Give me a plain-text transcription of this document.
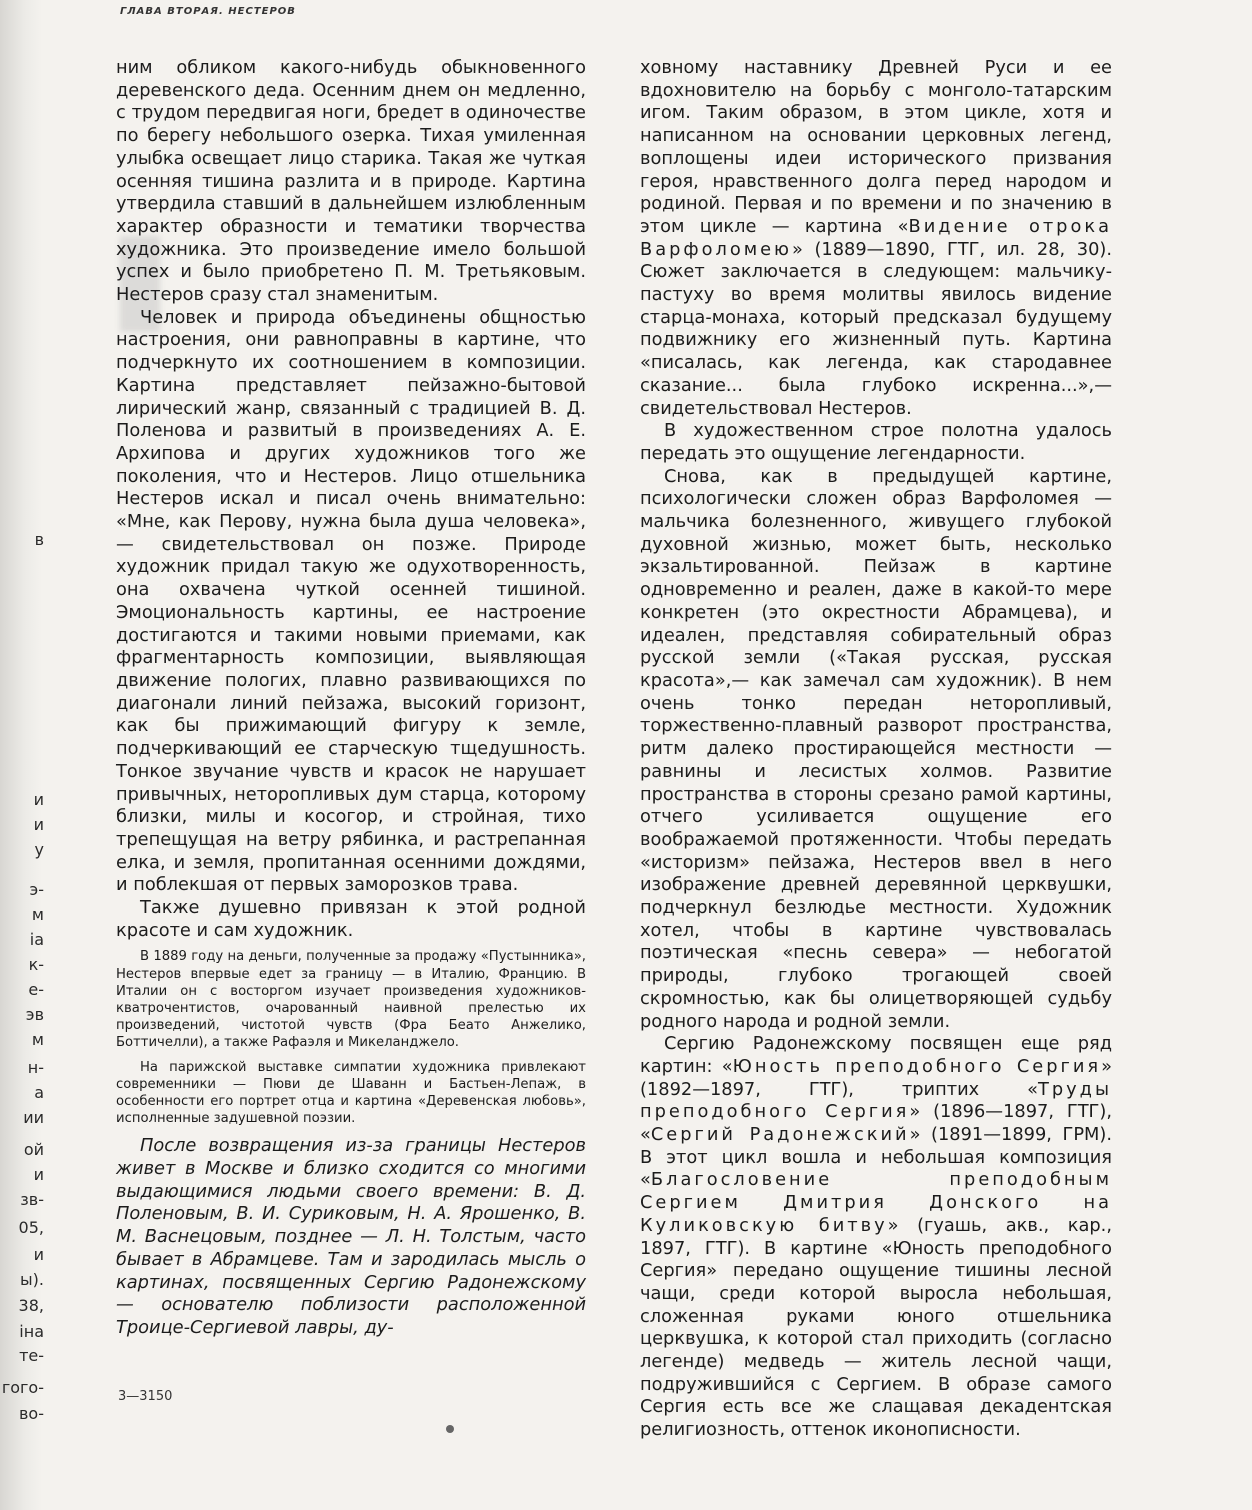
в
и
и
у
э-
м
іа
к-
е-
эв
м
н-
а
ии
ой
и
зв-
05,
и
ы).
38,
іна
те-
гого-
во-
ГЛАВА ВТОРАЯ. НЕСТЕРОВ

ним обликом какого-нибудь обыкновенного деревенского деда. Осенним днем он медленно, с трудом передвигая ноги, бредет в одиночестве по берегу небольшого озерка. Тихая умиленная улыбка освещает лицо старика. Такая же чуткая осенняя тишина разлита и в природе. Картина утвердила ставший в дальнейшем излюбленным характер образности и тематики творчества художника. Это произведение имело большой успех и было приобретено П. М. Третьяковым. Нестеров сразу стал знаменитым.

Человек и природа объединены общностью настроения, они равноправны в картине, что подчеркнуто их соотношением в композиции. Картина представляет пейзажно-бытовой лирический жанр, связанный с традицией В. Д. Поленова и развитый в произведениях А. Е. Архипова и других художников того же поколения, что и Нестеров. Лицо отшельника Нестеров искал и писал очень внимательно: «Мне, как Перову, нужна была душа человека»,— свидетельствовал он позже. Природе художник придал такую же одухотворенность, она охвачена чуткой осенней тишиной. Эмоциональность картины, ее настроение достигаются и такими новыми приемами, как фрагментарность композиции, выявляющая движение пологих, плавно развивающихся по диагонали линий пейзажа, высокий горизонт, как бы прижимающий фигуру к земле, подчеркивающий ее старческую тщедушность. Тонкое звучание чувств и красок не нарушает привычных, неторопливых дум старца, которому близки, милы и косогор, и стройная, тихо трепещущая на ветру рябинка, и растрепанная елка, и земля, пропитанная осенними дождями, и поблекшая от первых заморозков трава.

Также душевно привязан к этой родной красоте и сам художник.

В 1889 году на деньги, полученные за продажу «Пустынника», Нестеров впервые едет за границу — в Италию, Францию. В Италии он с восторгом изучает произведения художников-кватрочентистов, очарованный наивной прелестью их произведений, чистотой чувств (Фра Беато Анжелико, Боттичелли), а также Рафаэля и Микеланджело.

На парижской выставке симпатии художника привлекают современники — Пюви де Шаванн и Бастьен-Лепаж, в особенности его портрет отца и картина «Деревенская любовь», исполненные задушевной поэзии.

После возвращения из-за границы Нестеров живет в Москве и близко сходится со многими выдающимися людьми своего времени: В. Д. Поленовым, В. И. Суриковым, Н. А. Ярошенко, В. М. Васнецовым, позднее — Л. Н. Толстым, часто бывает в Абрамцеве. Там и зародилась мысль о картинах, посвященных Сергию Радонежскому — основателю поблизости расположенной Троице-Сергиевой лавры, ду-

ховному наставнику Древней Руси и ее вдохновителю на борьбу с монголо-татарским игом. Таким образом, в этом цикле, хотя и написанном на основании церковных легенд, воплощены идеи исторического призвания героя, нравственного долга перед народом и родиной. Первая и по времени и по значению в этом цикле — картина «Видение отрока Варфоломею» (1889—1890, ГТГ, ил. 28, 30). Сюжет заключается в следующем: мальчику-пастуху во время молитвы явилось видение старца-монаха, который предсказал будущему подвижнику его жизненный путь. Картина «писалась, как легенда, как стародавнее сказание... была глубоко искренна...»,— свидетельствовал Нестеров.

В художественном строе полотна удалось передать это ощущение легендарности.

Снова, как в предыдущей картине, психологически сложен образ Варфоломея — мальчика болезненного, живущего глубокой духовной жизнью, может быть, несколько экзальтированной. Пейзаж в картине одновременно и реален, даже в какой-то мере конкретен (это окрестности Абрамцева), и идеален, представляя собирательный образ русской земли («Такая русская, русская красота»,— как замечал сам художник). В нем очень тонко передан неторопливый, торжественно-плавный разворот пространства, ритм далеко простирающейся местности — равнины и лесистых холмов. Развитие пространства в стороны срезано рамой картины, отчего усиливается ощущение его воображаемой протяженности. Чтобы передать «историзм» пейзажа, Нестеров ввел в него изображение древней деревянной церквушки, подчеркнул безлюдье местности. Художник хотел, чтобы в картине чувствовалась поэтическая «песнь севера» — небогатой природы, глубоко трогающей своей скромностью, как бы олицетворяющей судьбу родного народа и родной земли.

Сергию Радонежскому посвящен еще ряд картин: «Юность преподобного Сергия» (1892—1897, ГТГ), триптих «Труды преподобного Сергия» (1896—1897, ГТГ), «Сергий Радонежский» (1891—1899, ГРМ). В этот цикл вошла и небольшая композиция «Благословение преподобным Сергием Дмитрия Донского на Куликовскую битву» (гуашь, акв., кар., 1897, ГТГ). В картине «Юность преподобного Сергия» передано ощущение тишины лесной чащи, среди которой выросла небольшая, сложенная руками юного отшельника церквушка, к которой стал приходить (согласно легенде) медведь — житель лесной чащи, подружившийся с Сергием. В образе самого Сергия есть все же слащавая декадентская религиозность, оттенок иконописности.

3—3150
